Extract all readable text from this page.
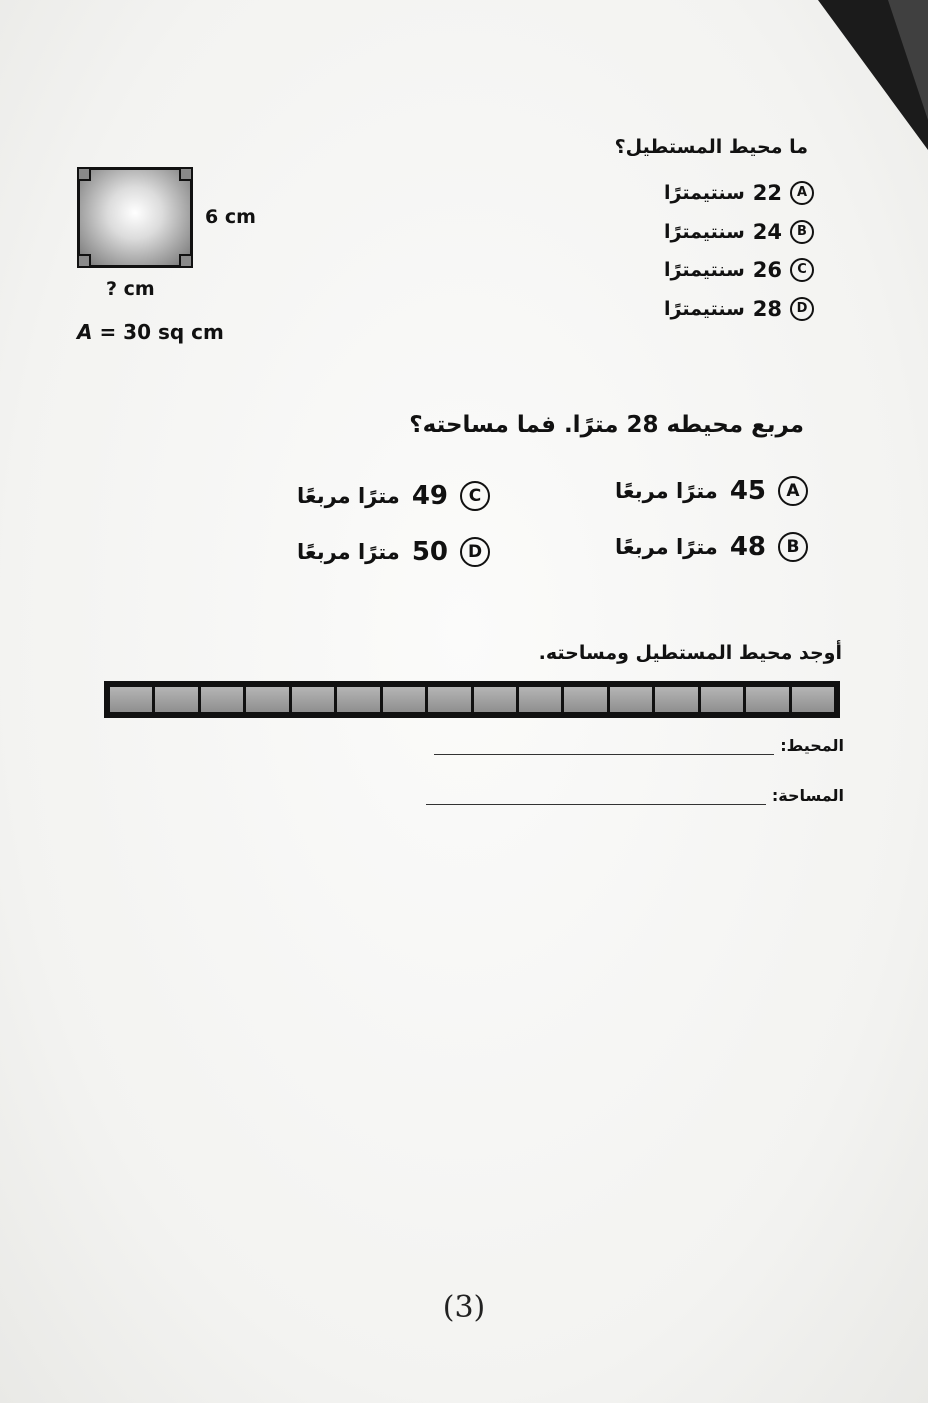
ما محيط المستطيل؟
A
22
سنتيمترًا
B
24
سنتيمترًا
C
26
سنتيمترًا
D
28
سنتيمترًا
6 cm
? cm
A = 30 sq cm
مربع محيطه 28 مترًا. فما مساحته؟
A
45
مترًا مربعًا
B
48
مترًا مربعًا
C
49
مترًا مربعًا
D
50
مترًا مربعًا
أوجد محيط المستطيل ومساحته.
المحيط:
المساحة:
(3)
